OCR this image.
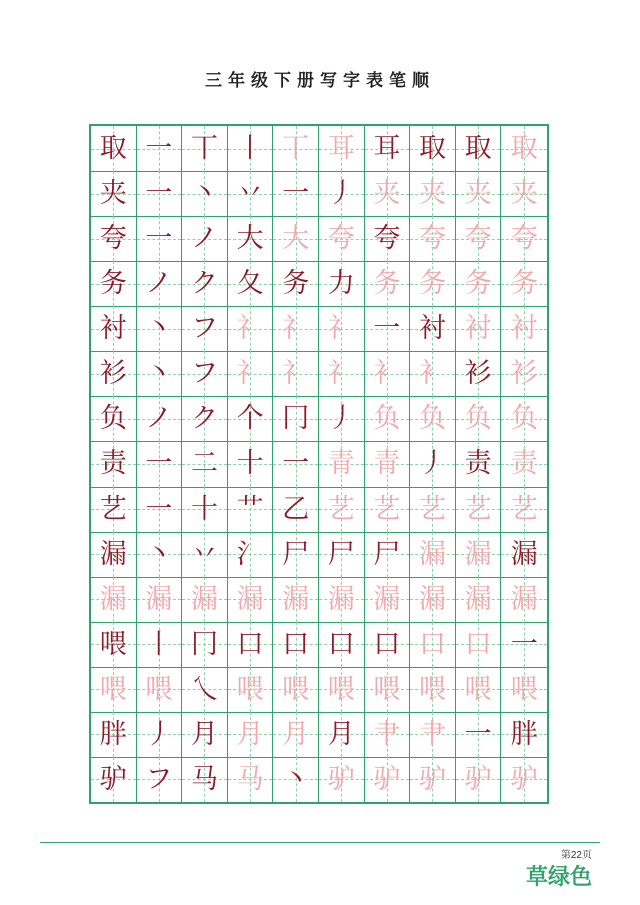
三年级下册写字表笔顺
取 一 丅 丨 丅 耳 耳 取 取 取
夹 一 丶 丷 一 丿 夹 夹 夹 夹
夸 一 ノ 大 大 夸 夸 夸 夸 夸
务 ノ ク 夂 务 力 务 务 务 务
衬 丶 フ 礻 礻 礻 一 衬 衬 衬
衫 丶 フ 礻 礻 礻 衤 衤 衫 衫
负 ノ ク 个 冂 丿 负 负 负 负
责 一 二 十 一 青 青 丿 责 责
艺 一 十 艹 乙 艺 艺 艺 艺 艺
漏 丶 丷 氵 尸 尸 尸 漏 漏 漏
漏 漏 漏 漏 漏 漏 漏 漏 漏 漏
喂 丨 冂 口 口 口 口 口 口 一
喂 喂 乀 喂 喂 喂 喂 喂 喂 喂
胖 丿 月 月 月 月 肀 肀 一 胖
驴 フ 马 马 丶 驴 驴 驴 驴 驴
第22页
草绿色
